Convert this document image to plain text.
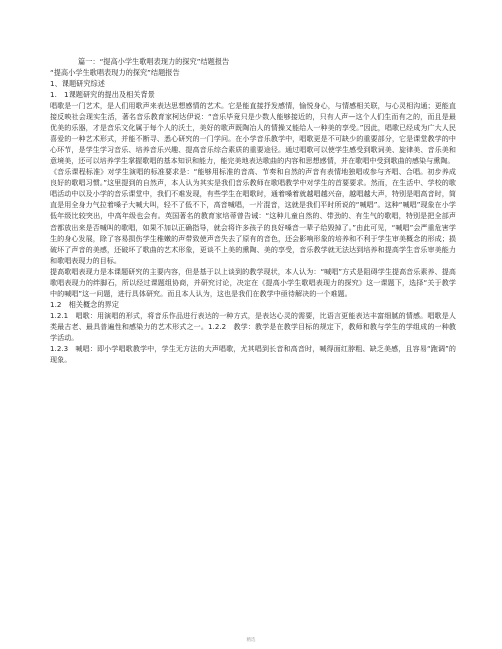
篇一：“提高小学生歌唱表现力的探究”结题报告
“提高小学生歌唱表现力的探究”结题报告
1、课题研究综述
1.　1课题研究的提出及相关背景
唱歌是一门艺术，是人们用歌声来表达思想感情的艺术。它是能直接抒发感情，愉悦身心，与情感相关联，与心灵相沟通；更能直接反映社会现实生活，著名音乐教育家柯达伊说：“音乐毕竟只是少数人能够接近的，只有人声—这个人们生而有之的，而且是最优美的乐器，才是音乐文化属于每个人的沃土，美好的歌声既陶冶人的情操又能给人一种美的享受。”因此，唱歌已经成为广大人民喜爱的一种艺术形式，并能不断寻、悉心研究的一门学问。在小学音乐教学中，唱歌更是不可缺少的重要部分，它是课堂教学的中心环节，是学生学习音乐、培养音乐兴趣、提高音乐综合素质的重要途径。通过唱歌可以使学生感受到歌词美、旋律美、音乐美和意境美，还可以培养学生掌握歌唱的基本知识和能力，能完美地表达歌曲的内容和思想感情，并在歌唱中受到歌曲的感染与熏陶。
《音乐课程标准》对学生演唱的标准要求是：“能够用标准的音高、节奏和自然的声音有表情地独唱或参与齐唱、合唱。初步养成良好的歌唱习惯。”这里提到的自然声，本人认为其实是我们音乐教师在歌唱教学中对学生的首要要求。然而，在生活中、学校的歌唱活动中以及小学的音乐课堂中，我们不难发现，有些学生在唱歌时，通着嗓着就越唱越兴奋，越唱越大声，特别是唱高音时，简直是用全身力气拉着嗓子大喊大叫，轻不了低不下，高音喊唱，一片混音，这就是我们平时所说的“喊唱”。这种“喊唱”现象在小学低年级比较突出，中高年级也会有。英国著名的教育家培蒂曾告诫：“这种儿童自然的、带劲的、有生气的歌唱，特别是把全部声音都放出来是否喊叫的歌唱，如果不加以正确指导，就会将许多孩子的良好嗓音一辈子给毁掉了。”由此可见，“喊唱”会严重危害学生的身心发展，除了容易损伤学生稚嫩的声带致使声音失去了原有的音色，还会影响形象的培养和不利于学生审美概念的形成；损破坏了声音的美感，还破坏了歌曲的艺术形象，更谈不上美的熏陶、美的享受，音乐教学就无法达到培养和提高学生音乐审美能力和歌唱表现力的目标。
提高歌唱表现力是本课题研究的主要内容，但是基于以上谈到的教学现状，本人认为：“喊唱”方式是阻碍学生提高音乐素养、提高歌唱表现力的绊脚石，所以经过课题组协商，并研究讨论，决定在《提高小学生歌唱表现力的探究》这一课题下，选择“关于教学中的喊唱”这一问题，进行具体研究。而且本人认为，这也是我们在教学中亟待解决的一个难题。
1.2　相关概念的界定
1.2.1　唱歌：用演唱的形式，将音乐作品进行表达的一种方式，是表达心灵的需要，比语言更能表达丰富细腻的情感。唱歌是人类最古老、最具普遍性和感染力的艺术形式之一。1.2.2　教学：教学是在教学目标的规定下，教师和教与学生的学组成的一种教学活动。
1.2.3　喊唱：即小学唱歌教学中，学生无方法的大声唱歌，尤其唱到长音和高音时，喊得面红脖粗、缺乏美感，且容易“跑调”的现象。
精选
